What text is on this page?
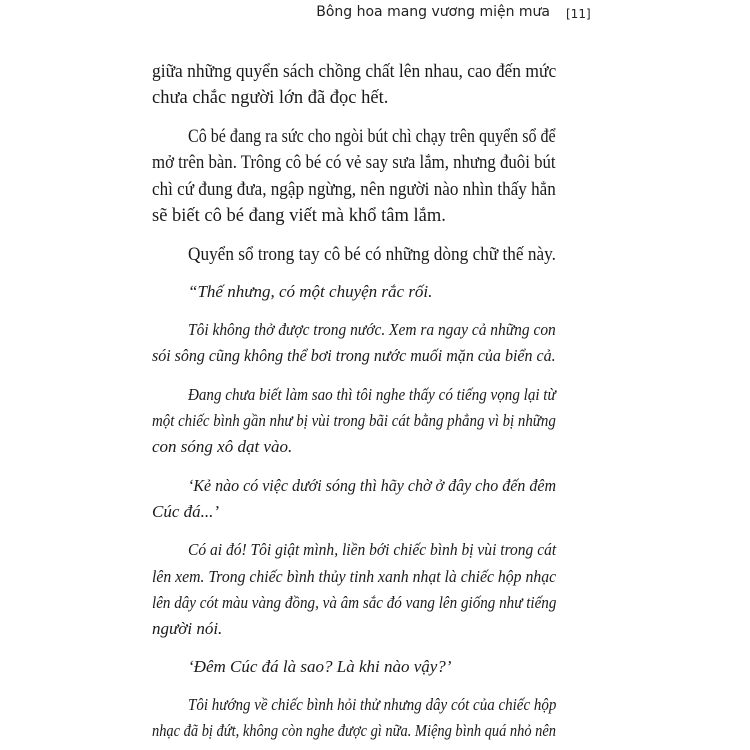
Bông hoa mang vương miện mưa [11]
giữa những quyển sách chồng chất lên nhau, cao đến mức
chưa chắc người lớn đã đọc hết.
Cô bé đang ra sức cho ngòi bút chì chạy trên quyển sổ để
mở trên bàn. Trông cô bé có vẻ say sưa lắm, nhưng đuôi bút
chì cứ đung đưa, ngập ngừng, nên người nào nhìn thấy hẳn
sẽ biết cô bé đang viết mà khổ tâm lắm.
Quyển sổ trong tay cô bé có những dòng chữ thế này.
“Thế nhưng, có một chuyện rắc rối.
Tôi không thở được trong nước. Xem ra ngay cả những con
sói sông cũng không thể bơi trong nước muối mặn của biển cả.
Đang chưa biết làm sao thì tôi nghe thấy có tiếng vọng lại từ
một chiếc bình gần như bị vùi trong bãi cát bằng phẳng vì bị những
con sóng xô dạt vào.
‘Kẻ nào có việc dưới sóng thì hãy chờ ở đây cho đến đêm
Cúc đá...’
Có ai đó! Tôi giật mình, liền bới chiếc bình bị vùi trong cát
lên xem. Trong chiếc bình thủy tinh xanh nhạt là chiếc hộp nhạc
lên dây cót màu vàng đồng, và âm sắc đó vang lên giống như tiếng
người nói.
‘Đêm Cúc đá là sao? Là khi nào vậy?’
Tôi hướng về chiếc bình hỏi thử nhưng dây cót của chiếc hộp
nhạc đã bị đứt, không còn nghe được gì nữa. Miệng bình quá nhỏ nên
